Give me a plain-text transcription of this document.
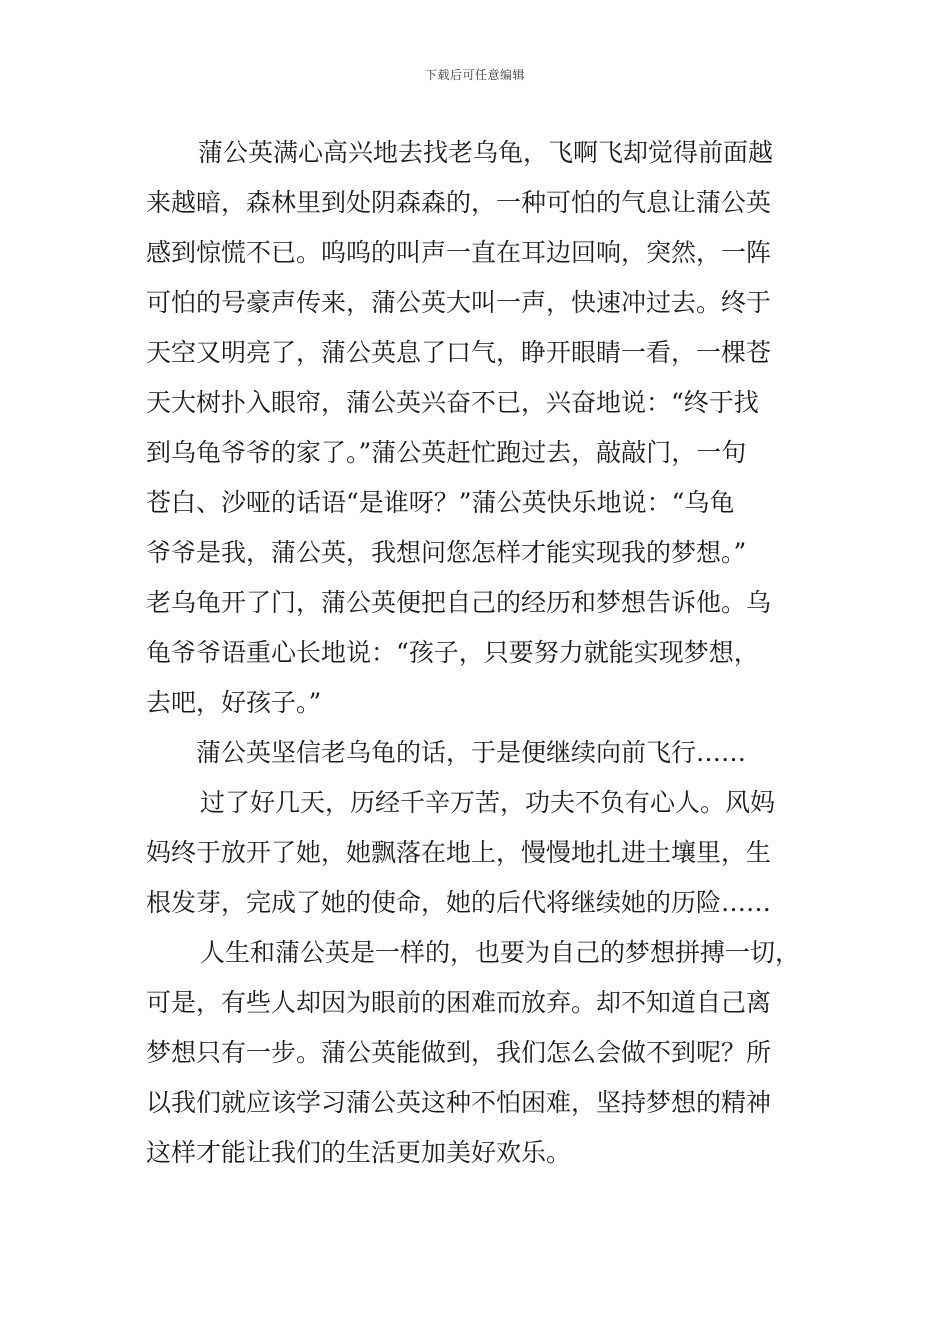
下载后可任意编辑
蒲公英满心高兴地去找老乌龟，飞啊飞却觉得前面越
来越暗，森林里到处阴森森的，一种可怕的气息让蒲公英
感到惊慌不已。呜呜的叫声一直在耳边回响，突然，一阵
可怕的号豪声传来，蒲公英大叫一声，快速冲过去。终于
天空又明亮了，蒲公英息了口气，睁开眼睛一看，一棵苍
天大树扑入眼帘，蒲公英兴奋不已，兴奋地说：“终于找
到乌龟爷爷的家了。”蒲公英赶忙跑过去，敲敲门，一句
苍白、沙哑的话语“是谁呀？”蒲公英快乐地说：“乌龟
爷爷是我，蒲公英，我想问您怎样才能实现我的梦想。”
老乌龟开了门，蒲公英便把自己的经历和梦想告诉他。乌
龟爷爷语重心长地说：“孩子，只要努力就能实现梦想，
去吧，好孩子。”
蒲公英坚信老乌龟的话，于是便继续向前飞行……
过了好几天，历经千辛万苦，功夫不负有心人。风妈
妈终于放开了她，她飘落在地上，慢慢地扎进土壤里，生
根发芽，完成了她的使命，她的后代将继续她的历险……
人生和蒲公英是一样的，也要为自己的梦想拼搏一切，
可是，有些人却因为眼前的困难而放弃。却不知道自己离
梦想只有一步。蒲公英能做到，我们怎么会做不到呢？所
以我们就应该学习蒲公英这种不怕困难，坚持梦想的精神
这样才能让我们的生活更加美好欢乐。
